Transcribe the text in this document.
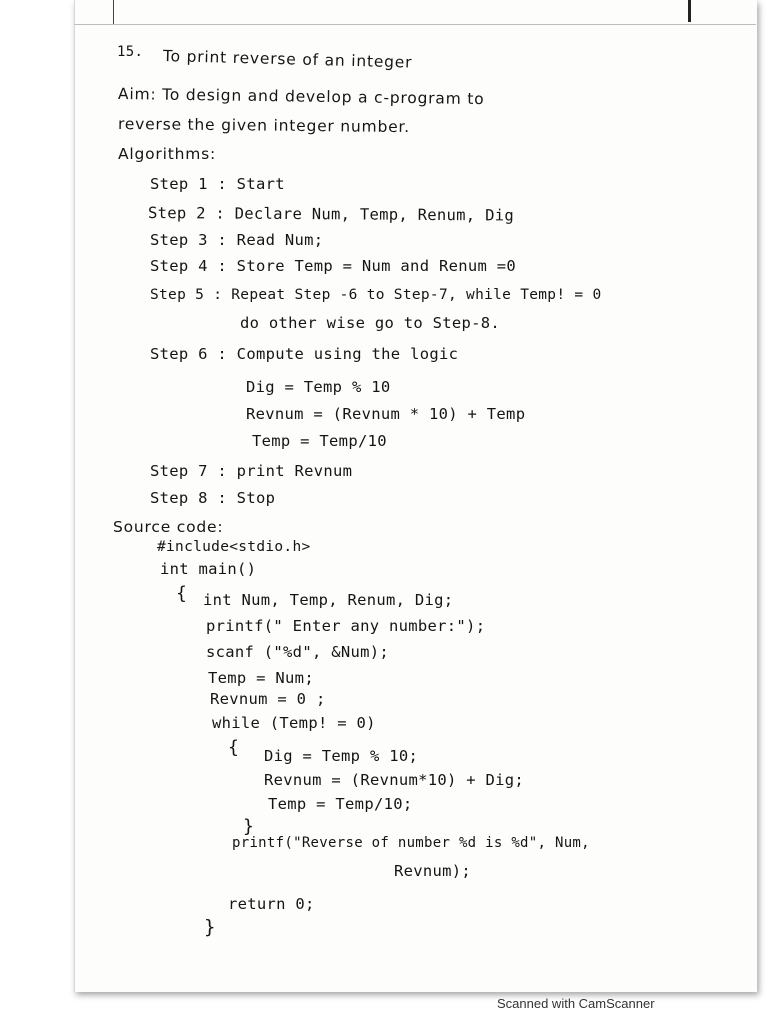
15. To print reverse of an integer
Aim: To design and develop a c-program to
reverse the given integer number.
Algorithms:
Step 1 : Start
Step 2 : Declare Num, Temp, Renum, Dig
Step 3 : Read Num;
Step 4 : Store Temp = Num and Renum =0
Step 5 : Repeat Step -6 to Step-7, while Temp! = 0
do other wise go to Step-8.
Step 6 : Compute using the logic
Dig = Temp % 10
Revnum = (Revnum * 10) + Temp
Temp = Temp/10
Step 7 : print Revnum
Step 8 : Stop
Source code:
#include<stdio.h>
int main()
{ int Num, Temp, Renum, Dig;
printf(" Enter any number:");
scanf ("%d", &Num);
Temp = Num;
Revnum = 0 ;
while (Temp! = 0)
{ Dig = Temp % 10;
Revnum = (Revnum*10) + Dig;
Temp = Temp/10;
}
printf("Reverse of number %d is %d", Num,
Revnum);
return 0;
}
Scanned with CamScanner
